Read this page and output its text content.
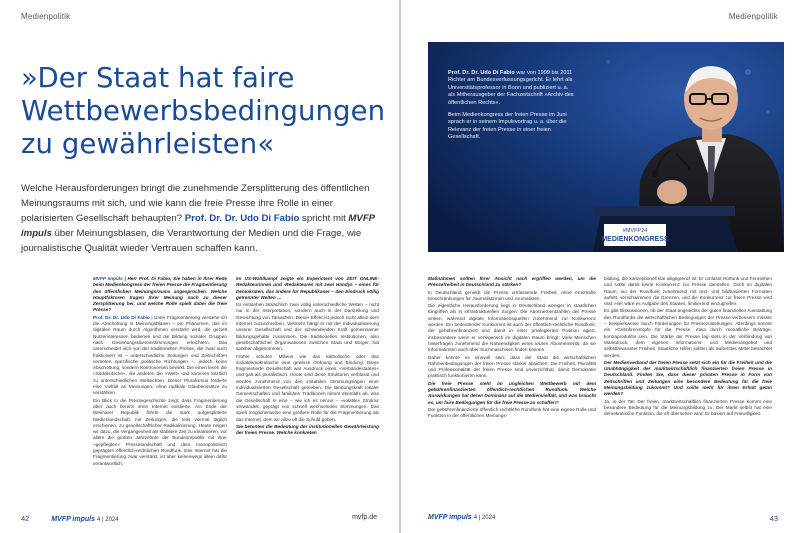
Medienpolitik
»Der Staat hat faire Wettbewerbsbedingungen zu gewährleisten«

Welche Herausforderungen bringt die zunehmende Zersplitterung des öffentlichen Meinungsraums mit sich, und wie kann die freie Presse ihre Rolle in einer polarisierten Gesellschaft behaupten? Prof. Dr. Dr. Udo Di Fabio spricht mit MVFP impuls über Meinungsblasen, die Verantwortung der Medien und die Frage, wie journalistische Qualität wieder Vertrauen schaffen kann.

MVFP impuls | Herr Prof. Di Fabio, Sie haben in Ihrer Rede beim Medienkongress der freien Presse die Fragmentierung des öffentlichen Meinungsraums angesprochen. Welche Hauptfaktoren tragen Ihrer Meinung nach zu dieser Zersplitterung bei, und welche Rolle spielt dabei die freie Presse?

Prof. Dr. Dr. Udo Di Fabio | Unter Fragmentierung verstehe ich die Abschottung in Meinungsblasen – ein Phänomen, das im digitalen Raum durch Algorithmen verstärkt wird, die gezielt Nutzerinteressen bedienen und die Bildung sozialer Gruppen nach Gesinnungsübereinstimmungen erleichtern. Das unterscheidet sich von der traditionellen Presse, die zwar auch fraktioniert ist – unterschiedliche Zeitungen und Zeitschriften vertreten spezifische politische Richtungen –, jedoch keine Abschottung, sondern Kontroversen bewirkt. Die einen lesen die »Süddeutsche«, die anderen die »Welt« und kommen letztlich zu unterschiedlichen Weltsichten. Dieser Pluralismus förderte eine Vielfalt an Meinungen, ohne radikale Glaubenssätze zu verstärken.

Ein Blick in die Pressegeschichte zeigt, dass Fragmentierung aber auch bereits ohne Internet existierte. Am Ende der Weimarer Republik führte die stark aufgesplitterte Medienlandschaft, mit Zeitungen, die teils viermal täglich erschienen, zu gesellschaftlicher Radikalisierung. Heute neigen wir dazu, die Vergangenheit als stabilere Zeit zu idealisieren, vor allem die großen Jahrzehnte der Bundesrepublik mit ihrer »gepflegten« Presselandschaft und dem monopolistisch geprägten öffentlich-rechtlichen Rundfunk. Das Internet hat die Fragmentierung zwar verstärkt, ist aber keineswegs allein dafür verantwortlich.

Im US-Wahlkampf zeigte ein Experiment von ZEIT ONLINE-Redakteurinnen und -Redakteuren mit zwei Handys – eines für Demokraten, das andere für Republikaner – den Eindruck völlig getrennter Welten …

Es entstehen tatsächlich zwei völlig unterschiedliche Welten – nicht nur in der Interpretation, sondern auch in der Darstellung und Gewichtung von Tatsachen. Dieser Effekt ist jedoch nicht allein dem Internet zuzuschreiben. Vielmehr hängt er mit der Individualisierung unserer Gesellschaft und der schwindenden Kraft gemeinsamer Bildungsgehalte zusammen. Die traditionellen Institutionen, also gesellschaftlicher Organisationen zwischen Staat und Bürger, hat spürbar abgenommen.

Früher schufen Milieus wie das katholische oder das sozialdemokratische eine gewisse Ordnung und Bindung. Diese fragmentierte Gesellschaft war Ausdruck eines »Verbändestaates« und galt als pluralistisch. Heute sind diese Strukturen verblasst und werden zunehmend von den instabilen Stimmungslagen einer individualisierten Gesellschaft getrieben. Die Bindungskraft lokaler Gemeinschaften und familiärer Traditionen nimmt ebenfalls ab, was die Gesellschaft in eine – wie ich es nenne – »volatile« Struktur verwandelt, geprägt von schnell wechselnden Stimmungen. Das spielt möglicherweise eine größere Rolle für die Fragmentierung als das Internet, dem wir allzu oft die Schuld geben.

Sie betonten die Bedeutung der institutionellen Gewährleistung der freien Presse. Welche konkreten

42	MVFP impuls 4 | 2024	mvfp.de
Medienpolitik
#MVFP24
MEDIENKONGRESS

Prof. Dr. Dr. Udo Di Fabio war von 1999 bis 2011 Richter am Bundesverfassungsgericht. Er lehrt als Universitätsprofessor in Bonn und publiziert u. a. als Mitherausgeber der Fachzeitschrift »Archiv des öffentlichen Rechts«.

Beim Medienkongress der freien Presse im Juni sprach er in seinem Impulsvortrag u. a. über die Relevanz der freien Presse in einer freien Gesellschaft.

Maßnahmen sollten Ihrer Ansicht nach ergriffen werden, um die Pressefreiheit in Deutschland zu stärken?

In Deutschland genießt die Presse umfassende Freiheit, ohne ernsthafte Einschränkungen für Journalistinnen und Journalisten.

Die eigentliche Herausforderung liegt in Deutschland weniger in staatlichen Eingriffen als in infrastrukturellen Sorgen: Die Abonnementzahlen der Presse sinken, während digitale Informationsquellen zunehmend zur Konkurrenz werden. Ein bedeutender Konkurrent ist auch der öffentlich-rechtliche Rundfunk, der gebührenfinanziert und damit in einer privilegierten Position agiert, insbesondere wenn er verlegerisch im digitalen Raum bringt: Viele Menschen hinterfragen zunehmend die Notwendigkeit eines teuren Abonnements, da sie Informationen auch über Suchmaschinen finden können.

Daher könnte es sinnvoll sein, dass der Staat die wirtschaftlichen Rahmenbedingungen der freien Presse stärker absichert. Die Freiheit, Pluralität und Professionalität der freien Presse sind unverzichtbar, damit Demokratie praktisch funktionieren kann.

Die freie Presse steht im ungleichen Wettbewerb mit dem gebührenfinanzierten öffentlich-rechtlichen Rundfunk. Welche Auswirkungen hat deren Dominanz auf die Medienvielfalt, und was braucht es, um faire Bedingungen für die freie Presse zu schaffen?

Der gebührenfinanzierte öffentlich-rechtliche Rundfunk hat eine eigene Rolle und Funktion in der öffentlichen Meinungs-

bildung, die konzeptionell klar abgegrenzt ist: Er umfasst Hörfunk und Fernsehen und sollte damit keine Konkurrenz zur Presse darstellen. Doch im digitalen Raum, wo der Rundfunk zunehmend mit text- und bildbasierten Formaten auftritt, verschwimmen die Grenzen, und die Konkurrenz zur freien Presse wird real. Hier wäre es Aufgabe des Staates, limitierend einzugreifen.

Es gibt Diskussionen, ob der Staat angesichts der guten finanziellen Ausstattung des Rundfunks die wirtschaftlichen Bedingungen der Presse verbessern müsste – beispielsweise durch Förderungen für Pressezustellungen. Allerdings könnte ein »Gebührenstopfe für die Presse, etwa durch monatliche Beiträge, kontraproduktiv sein. Die Stärke der Presse lag stets in der Verbindung von Marktdruck, dem eigenen Informations- und Medienangebot und selbstbewusster Freiheit. Staatliche Hilfen sollten als äußerstes Mittel betrachtet werden.

Der Medienverband der freien Presse setzt sich ein für die Freiheit und die Unabhängigkeit der marktwirtschaftlich finanzierten freien Presse in Deutschland. Finden Sie, dass dieser privaten Presse in Form von Zeitschriften und Zeitungen eine besondere Bedeutung für die freie Meinungsbildung zukommt? Und sollte mehr für ihren Erhalt getan werden?

Ja, in der Tat: Der freien, marktwirtschaftlich finanzierten Presse kommt eine besondere Bedeutung für die Meinungsbildung zu. Der Markt selbst hat eine demokratische Funktion, die oft übersehen wird: Er basiert auf Freiwilligkeit.

MVFP impuls 4 | 2024	43
